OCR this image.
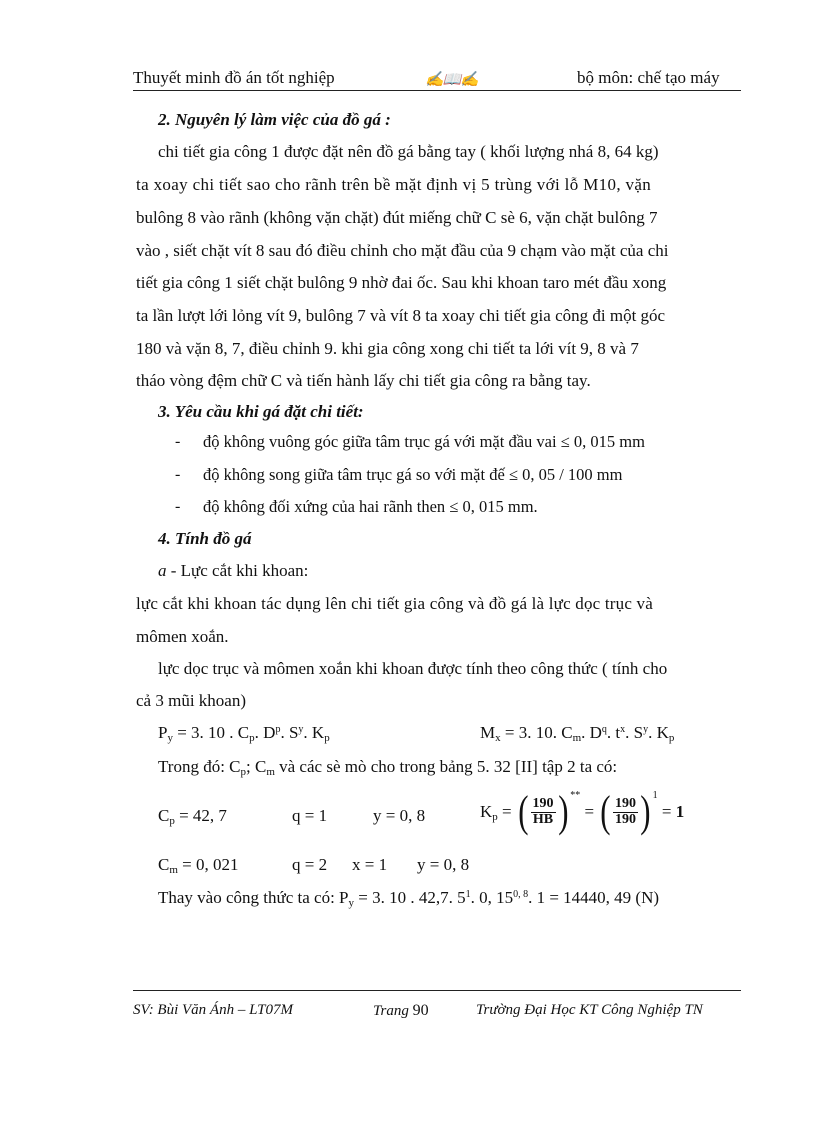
Thuyết minh đồ án tốt nghiệp	✍📖✍	bộ môn: chế tạo máy
2. Nguyên lý làm việc của đồ gá :
chi tiết gia công 1 được đặt nên đồ gá bằng tay ( khối lượng nhá 8, 64 kg)
ta xoay chi tiết sao cho rãnh trên bề mặt định vị 5 trùng với lỗ M10, vặn
bulông 8 vào rãnh (không vặn chặt) đút miếng chữ C sè 6, vặn chặt bulông 7
vào , siết chặt vít 8 sau đó điều chỉnh cho mặt đầu của 9 chạm vào mặt của chi
tiết gia công 1 siết chặt bulông 9 nhờ đai ốc. Sau khi khoan taro mét đầu xong
ta lần lượt lới lỏng vít 9, bulông 7 và vít 8 ta xoay chi tiết gia công đi một góc
180 và vặn 8, 7, điều chỉnh 9. khi gia công xong chi tiết ta lới vít 9, 8 và 7
tháo vòng đệm chữ C và tiến hành lấy chi tiết gia công ra bằng tay.
3. Yêu cầu khi gá đặt chi tiết:
- độ không vuông góc giữa tâm trục gá với mặt đầu vai ≤ 0, 015 mm
- độ không song giữa tâm trục gá so với mặt đế ≤ 0, 05 / 100 mm
- độ không đối xứng của hai rãnh then ≤ 0, 015 mm.
4. Tính đồ gá
a - Lực cắt khi khoan:
lực cắt khi khoan tác dụng lên chi tiết gia công và đồ gá là lực dọc trục và
mômen xoắn.
lực dọc trục và mômen xoắn khi khoan được tính theo công thức ( tính cho
cả 3 mũi khoan)
$P_y = 3$. 10 . $C_p$. $D^p$. $S^y$. $K_p$	$M_x = 3$. 10. $C_m$. $D^q$. $t^x$. $S^y$. $K_p$
Trong đó: $C_p$; $C_m$ và các sè mò cho trong bảng 5. 32 [II] tập 2 ta có:
$C_p = 42$, 7	q = 1	y = 0, 8	$K_p$ = ( $\frac{190}{HB}$ ) ** = ( $\frac{190}{190}$ ) $^1$ = 1
$C_m = 0$, 021	q = 2 x = 1 y = 0, 8
Thay vào công thức ta có: $P_y = 3$. 10 . 42,7. $5^1$. 0, 15$^{0, 8}$. 1 = 14440, 49 (N)
SV: Bùi Văn Ánh – LT07M	Trang 90	Trường Đại Học KT Công Nghiệp TN
